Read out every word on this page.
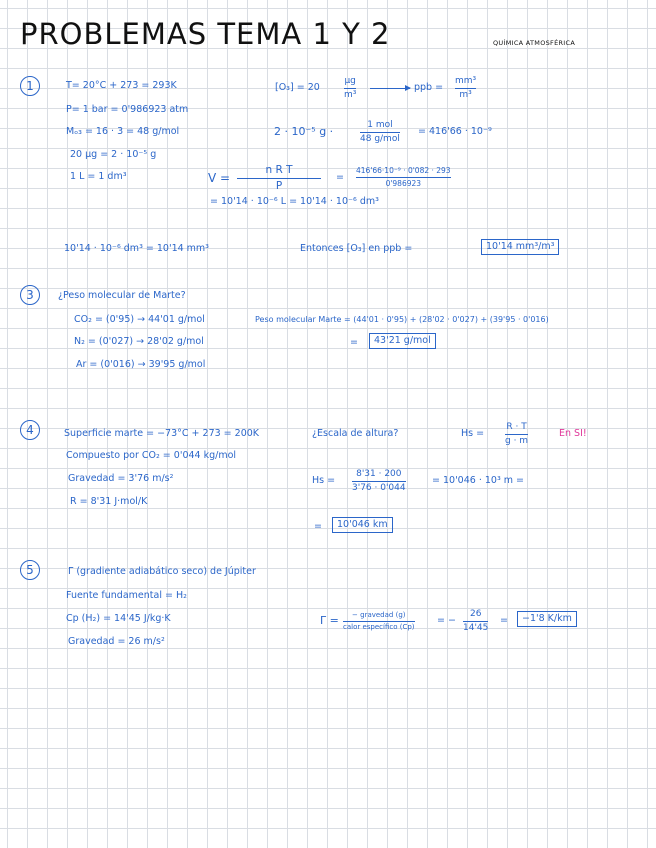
PROBLEMAS TEMA 1 Y 2	QUÍMICA ATMOSFÉRICA
1	T= 20°C + 273 = 293K
P= 1 bar = 0'986923 atm
Mₒ₃ = 16 · 3 = 48 g/mol
20 µg = 2 · 10⁻⁵ g
1 L = 1 dm³
[O₃] = 20
µg
m³
ppb =
mm³
m³
2 · 10⁻⁵ g ·	1 mol
48 g/mol
= 416'66 · 10⁻⁹
V =
n R T
P
=
416'66·10⁻⁹ · 0'082 · 293
0'986923
= 10'14 · 10⁻⁶ L = 10'14 · 10⁻⁶ dm³
10'14 · 10⁻⁶ dm³ = 10'14 mm³	Entonces [O₃] en ppb =	10'14 mm³/m³
3	¿Peso molecular de Marte?
CO₂ = (0'95) → 44'01 g/mol
N₂ = (0'027) → 28'02 g/mol
Ar = (0'016) → 39'95 g/mol
Peso molecular Marte = (44'01 · 0'95) + (28'02 · 0'027) + (39'95 · 0'016)
=	43'21 g/mol
4	Superficie marte = −73°C + 273 = 200K
Compuesto por CO₂ = 0'044 kg/mol
Gravedad = 3'76 m/s²
R = 8'31 J·mol/K
¿Escala de altura?	Hs =
R · T
g · m
En SI!
Hs =
8'31 · 200
3'76 · 0'044
= 10'046 · 10³ m =
=	10'046 km
5	Γ (gradiente adiabático seco) de Júpiter
Fuente fundamental = H₂
Cp (H₂) = 14'45 J/kg·K
Gravedad = 26 m/s²
Γ = − gravedad (g)
calor específico (Cp)
= −
26
14'45
=	−1'8 K/km
